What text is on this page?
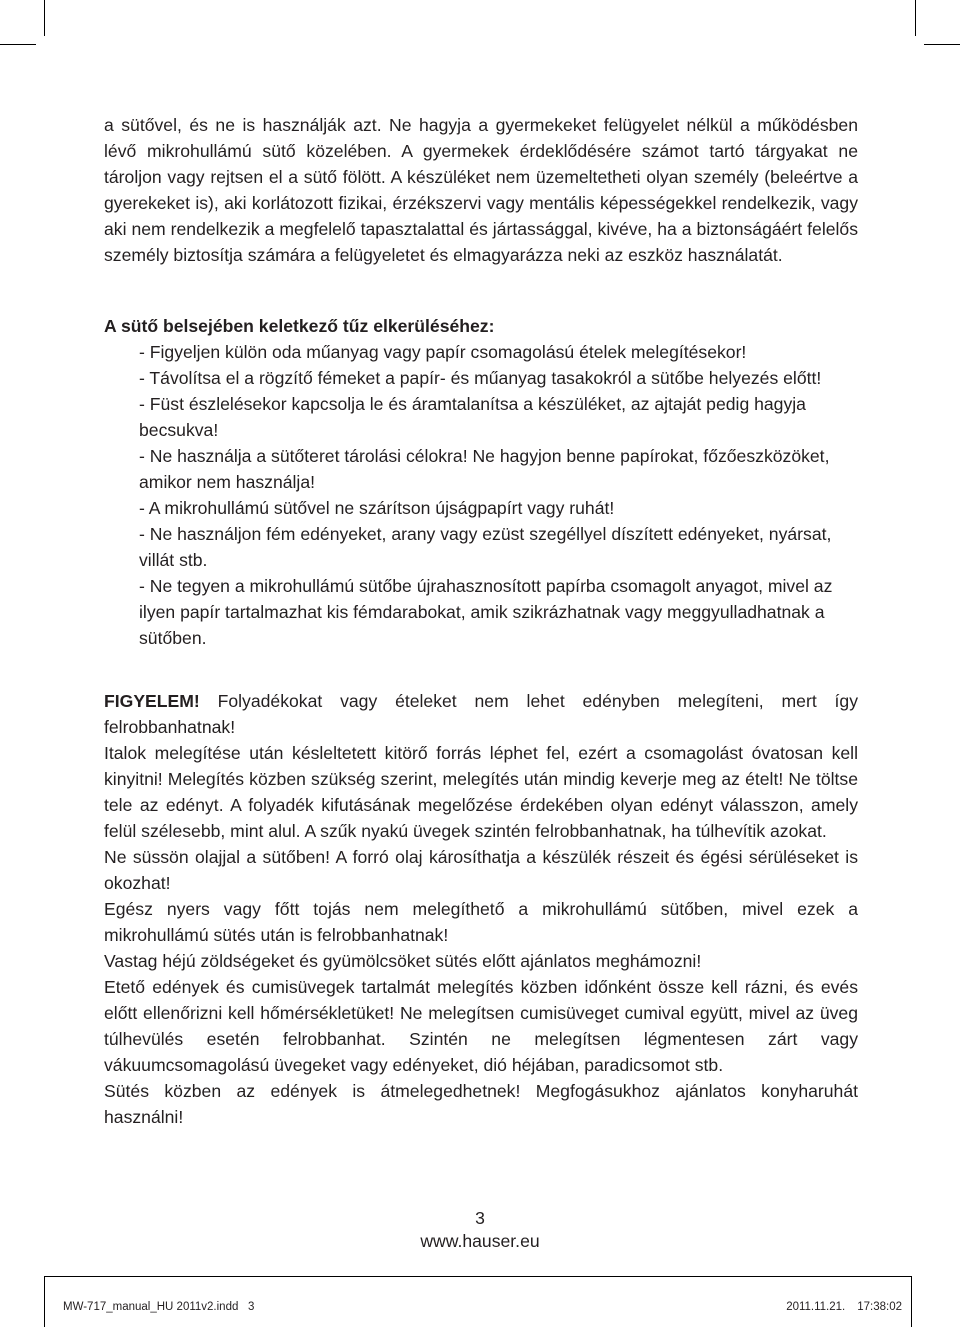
a sütővel, és ne is használják azt. Ne hagyja a gyermekeket felügyelet nélkül a működésben lévő mikrohullámú sütő közelében. A gyermekek érdeklődésére számot tartó tárgyakat ne tároljon vagy rejtsen el a sütő fölött. A készüléket nem üzemeltetheti olyan személy (beleértve a gyerekeket is), aki korlátozott fizikai, érzékszervi vagy mentális képességekkel rendelkezik, vagy aki nem rendelkezik a megfelelő tapasztalattal és jártassággal, kivéve, ha a biztonságáért felelős személy biztosítja számára a felügyeletet és elmagyarázza neki az eszköz használatát.

A sütő belsejében keletkező tűz elkerüléséhez:

- Figyeljen külön oda műanyag vagy papír csomagolású ételek melegítésekor!

- Távolítsa el a rögzítő fémeket a papír- és műanyag tasakokról a sütőbe helyezés előtt!

- Füst észlelésekor kapcsolja le és áramtalanítsa a készüléket, az ajtaját pedig hagyja becsukva!

- Ne használja a sütőteret tárolási célokra! Ne hagyjon benne papírokat, főzőeszközöket, amikor nem használja!

- A mikrohullámú sütővel ne szárítson újságpapírt vagy ruhát!

- Ne használjon fém edényeket, arany vagy ezüst szegéllyel díszített edényeket, nyársat, villát stb.

- Ne tegyen a mikrohullámú sütőbe újrahasznosított papírba csomagolt anyagot, mivel az ilyen papír tartalmazhat kis fémdarabokat, amik szikrázhatnak vagy meggyulladhatnak a sütőben.

FIGYELEM! Folyadékokat vagy ételeket nem lehet edényben melegíteni, mert így felrobbanhatnak!

Italok melegítése után késleltetett kitörő forrás léphet fel, ezért a csomagolást óvatosan kell kinyitni! Melegítés közben szükség szerint, melegítés után mindig keverje meg az ételt! Ne töltse tele az edényt. A folyadék kifutásának megelőzése érdekében olyan edényt válasszon, amely felül szélesebb, mint alul. A szűk nyakú üvegek szintén felrobbanhatnak, ha túlhevítik azokat.

Ne süssön olajjal a sütőben! A forró olaj károsíthatja a készülék részeit és égési sérüléseket is okozhat!

Egész nyers vagy főtt tojás nem melegíthető a mikrohullámú sütőben, mivel ezek a mikrohullámú sütés után is felrobbanhatnak!

Vastag héjú zöldségeket és gyümölcsöket sütés előtt ajánlatos meghámozni!

Etető edények és cumisüvegek tartalmát melegítés közben időnként össze kell rázni, és evés előtt ellenőrizni kell hőmérsékletüket! Ne melegítsen cumisüveget cumival együtt, mivel az üveg túlhevülés esetén felrobbanhat. Szintén ne melegítsen légmentesen zárt vagy vákuumcsomagolású üvegeket vagy edényeket, dió héjában, paradicsomot stb.

Sütés közben az edények is átmelegedhetnek! Megfogásukhoz ajánlatos konyharuhát használni!

3
www.hauser.eu
MW-717_manual_HU 2011v2.indd   3	2011.11.21. 17:38:02
